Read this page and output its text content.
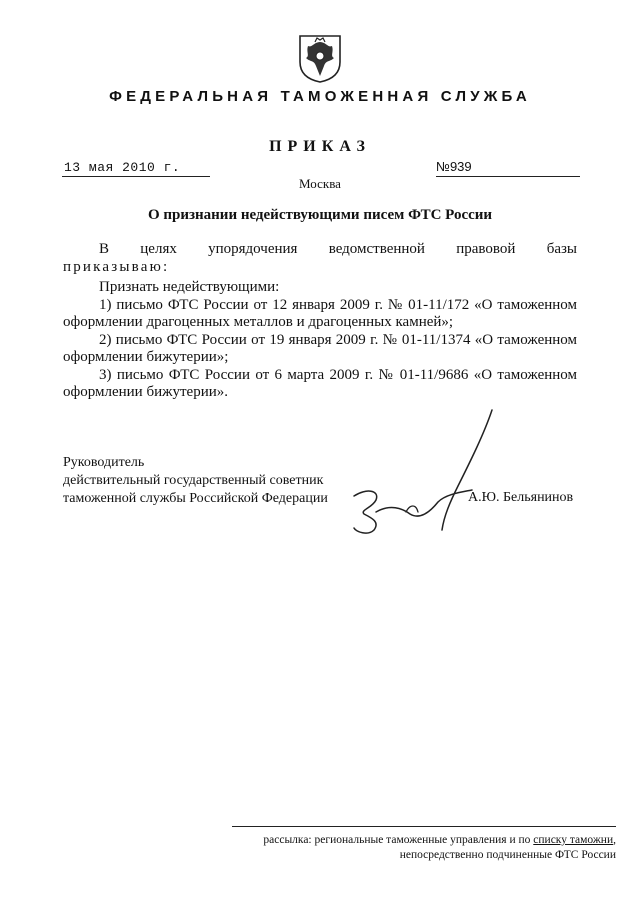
ФЕДЕРАЛЬНАЯ ТАМОЖЕННАЯ СЛУЖБА
ПРИКАЗ
13 мая 2010 г.	№939
Москва
О признании недействующими писем ФТС России
В целях упорядочения ведомственной правовой базы
приказываю:
Признать недействующими:
1) письмо ФТС России от 12 января 2009 г. № 01-11/172 «О таможенном оформлении драгоценных металлов и драгоценных камней»;
2) письмо ФТС России от 19 января 2009 г. № 01-11/1374 «О таможенном оформлении бижутерии»;
3) письмо ФТС России от 6 марта 2009 г. № 01-11/9686 «О таможенном оформлении бижутерии».
Руководитель
действительный государственный советник
таможенной службы Российской Федерации	А.Ю. Бельянинов
рассылка: региональные таможенные управления и по списку таможни,
непосредственно подчиненные ФТС России
